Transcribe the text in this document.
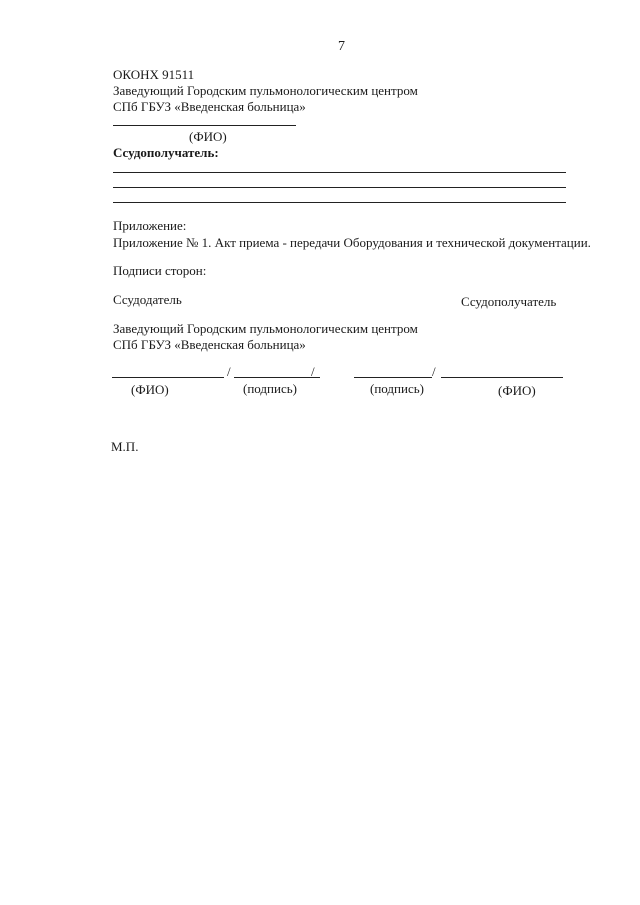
7
ОКОНХ 91511
Заведующий Городским пульмонологическим центром
СПб ГБУЗ «Введенская больница»
(ФИО)
Ссудополучатель:
Приложение:
Приложение № 1. Акт приема - передачи Оборудования и технической документации.
Подписи сторон:
Ссудодатель	Ссудополучатель
Заведующий Городским пульмонологическим центром
СПб ГБУЗ «Введенская больница»
/	/	/
(ФИО)	(подпись)	(подпись)	(ФИО)
М.П.
